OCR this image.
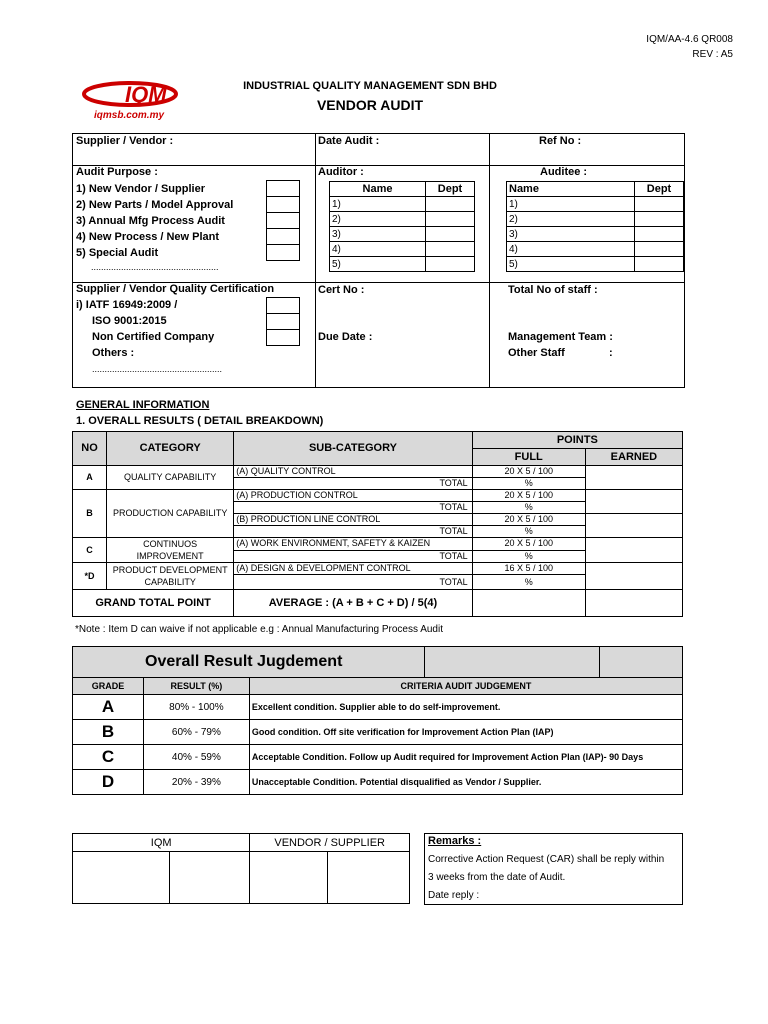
IQM/AA-4.6 QR008
REV : A5
IQM
iqmsb.com.my
INDUSTRIAL QUALITY MANAGEMENT SDN BHD
VENDOR AUDIT
Supplier / Vendor :	Date Audit :	Ref No :
Audit Purpose :
1) New Vendor / Supplier
2) New Parts / Model Approval
3) Annual Mfg Process Audit
4) New Process / New Plant
5) Special Audit
...................................................
Auditor :
Name	Dept
1)	
2)	
3)	
4)	
5)	
Auditee :
Name	Dept
1)	
2)	
3)	
4)	
5)	
Supplier / Vendor Quality Certification
i) IATF 16949:2009 /
ISO 9001:2015
Non Certified Company
Others :
....................................................
Cert No :
Due Date :
Total No of staff :
Management Team :
Other Staff	:
GENERAL INFORMATION
1. OVERALL RESULTS ( DETAIL BREAKDOWN)
NO	CATEGORY	SUB-CATEGORY	POINTS	
			FULL	EARNED
A	QUALITY CAPABILITY	(A) QUALITY CONTROL	20 X 5 / 100	
		TOTAL	%	
B	PRODUCTION CAPABILITY	(A) PRODUCTION CONTROL	20 X 5 / 100	
		TOTAL	%	
		(B) PRODUCTION LINE CONTROL	20 X 5 / 100	
		TOTAL	%	
C	CONTINUOS IMPROVEMENT	(A) WORK ENVIRONMENT, SAFETY & KAIZEN	20 X 5 / 100	
		TOTAL	%	
*D	PRODUCT DEVELOPMENT CAPABILITY	(A) DESIGN & DEVELOPMENT CONTROL	16 X 5 / 100	
		TOTAL	%	
GRAND TOTAL POINT		AVERAGE : (A + B + C + D) / 5(4)		
*Note : Item D can waive if not applicable e.g : Annual Manufacturing Process Audit
Overall Result Jugdement				
GRADE	RESULT (%)	CRITERIA AUDIT JUDGEMENT		
A	80% - 100%	Excellent condition. Supplier able to do self-improvement.		
B	60% - 79%	Good condition. Off site verification for Improvement Action Plan (IAP)		
C	40% - 59%	Acceptable Condition. Follow up Audit required for Improvement Action Plan (IAP)- 90 Days		
D	20% - 39%	Unacceptable Condition. Potential disqualified as Vendor / Supplier.		
IQM		VENDOR / SUPPLIER	
				Remarks :
Corrective Action Request (CAR) shall be reply within
3 weeks from the date of Audit.
Date reply :
